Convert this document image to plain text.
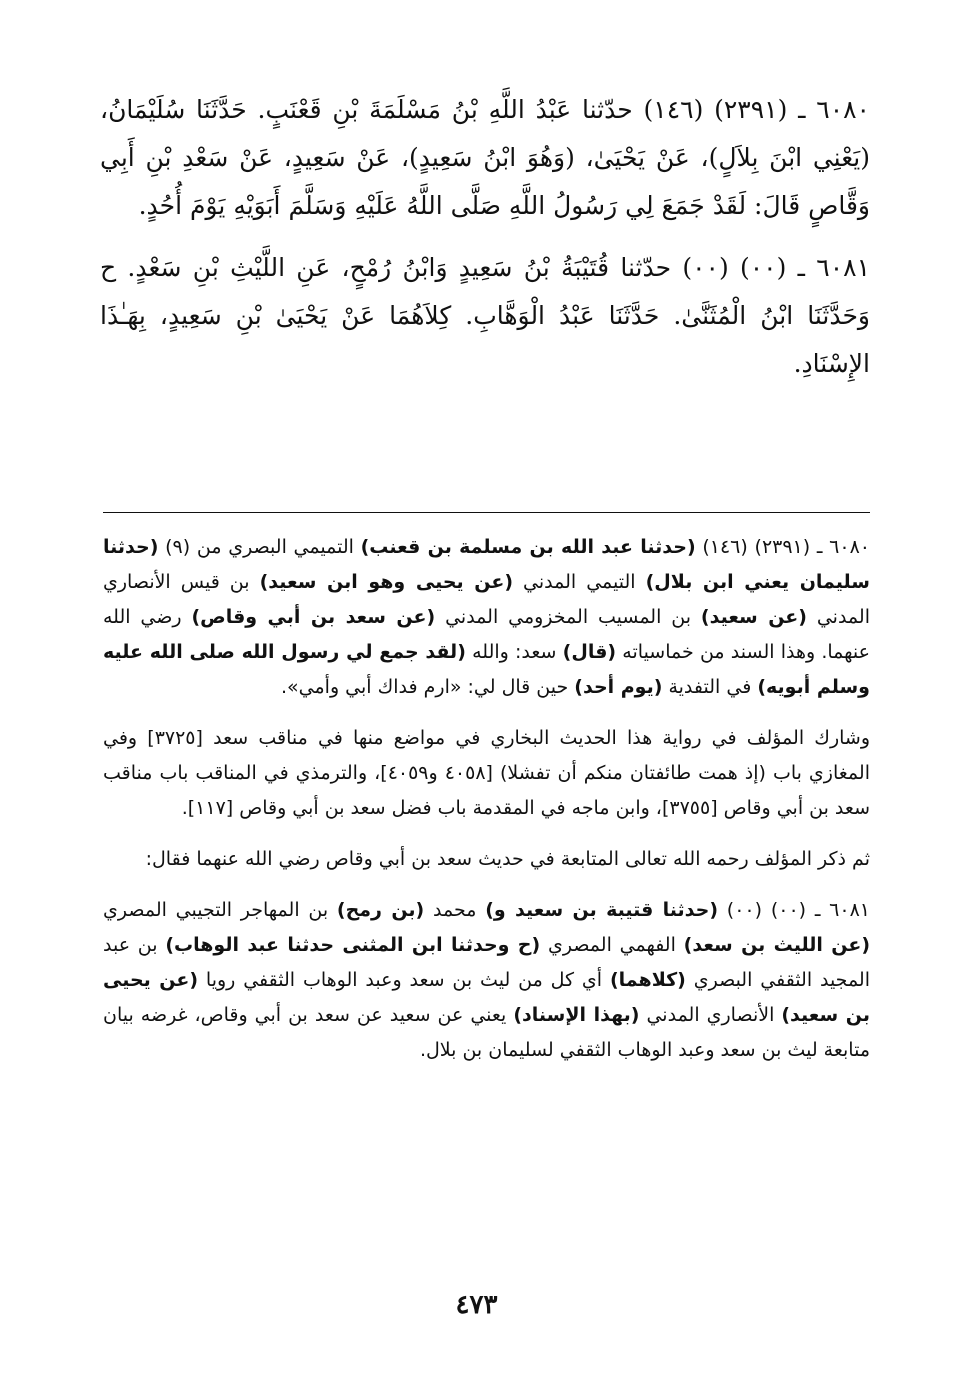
٦٠٨٠ ـ (٢٣٩١) (١٤٦) حدّثنا عَبْدُ اللَّهِ بْنُ مَسْلَمَةَ بْنِ قَعْنَبٍ. حَدَّثَنَا سُلَيْمَانُ، (يَعْنِي ابْنَ بِلاَلٍ)، عَنْ يَحْيَىٰ، (وَهُوَ ابْنُ سَعِيدٍ)، عَنْ سَعِيدٍ، عَنْ سَعْدِ بْنِ أَبِي وَقَّاصٍ قَالَ: لَقَدْ جَمَعَ لِي رَسُولُ اللَّهِ صَلَّى اللَّهُ عَلَيْهِ وَسَلَّمَ أَبَوَيْهِ يَوْمَ أُحُدٍ.

٦٠٨١ ـ (٠٠) (٠٠) حدّثنا قُتَيْبَةُ بْنُ سَعِيدٍ وَابْنُ رُمْحٍ، عَنِ اللَّيْثِ بْنِ سَعْدٍ. ح وَحَدَّثَنَا ابْنُ الْمُثَنَّىٰ. حَدَّثَنَا عَبْدُ الْوَهَّابِ. كِلاَهُمَا عَنْ يَحْيَىٰ بْنِ سَعِيدٍ، بِهَـٰذَا الإِسْنَادِ.

٦٠٨٠ ـ (٢٣٩١) (١٤٦) (حدثنا عبد الله بن مسلمة بن قعنب) التميمي البصري من (٩) (حدثنا سليمان يعني ابن بلال) التيمي المدني (عن يحيى وهو ابن سعيد) بن قيس الأنصاري المدني (عن سعيد) بن المسيب المخزومي المدني (عن سعد بن أبي وقاص) رضي الله عنهما. وهذا السند من خماسياته (قال) سعد: والله (لقد جمع لي رسول الله صلى الله عليه وسلم أبويه) في التفدية (يوم أحد) حين قال لي: «ارم فداك أبي وأمي».

وشارك المؤلف في رواية هذا الحديث البخاري في مواضع منها في مناقب سعد [٣٧٢٥] وفي المغازي باب (إذ همت طائفتان منكم أن تفشلا) [٤٠٥٨ و٤٠٥٩]، والترمذي في المناقب باب مناقب سعد بن أبي وقاص [٣٧٥٥]، وابن ماجه في المقدمة باب فضل سعد بن أبي وقاص [١١٧].

ثم ذكر المؤلف رحمه الله تعالى المتابعة في حديث سعد بن أبي وقاص رضي الله عنهما فقال:

٦٠٨١ ـ (٠٠) (٠٠) (حدثنا قتيبة بن سعيد و) محمد (بن رمح) بن المهاجر التجيبي المصري (عن الليث بن سعد) الفهمي المصري (ح وحدثنا ابن المثنى حدثنا عبد الوهاب) بن عبد المجيد الثقفي البصري (كلاهما) أي كل من ليث بن سعد وعبد الوهاب الثقفي رويا (عن يحيى بن سعيد) الأنصاري المدني (بهذا الإسناد) يعني عن سعيد عن سعد بن أبي وقاص، غرضه بيان متابعة ليث بن سعد وعبد الوهاب الثقفي لسليمان بن بلال.

٤٧٣
